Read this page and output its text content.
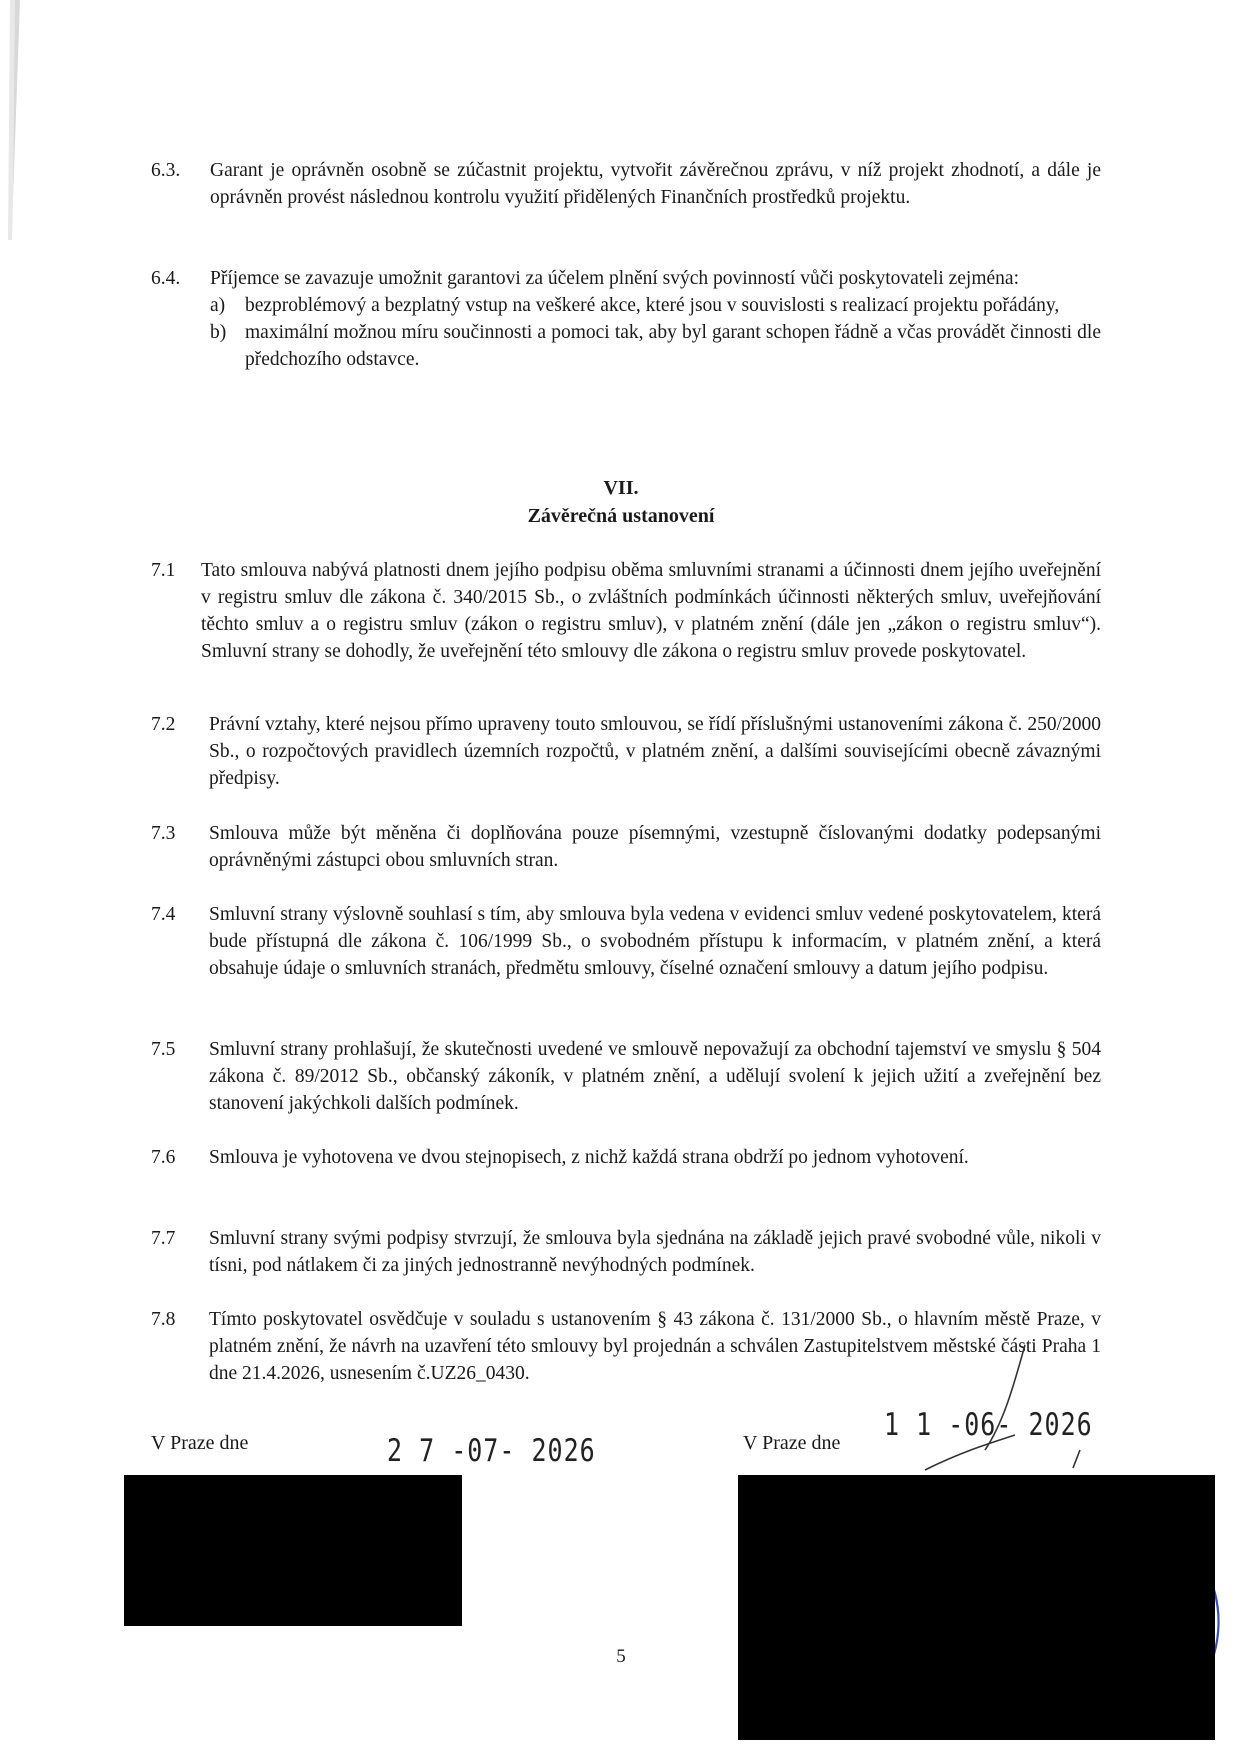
6.3. Garant je oprávněn osobně se zúčastnit projektu, vytvořit závěrečnou zprávu, v níž projekt zhodnotí, a dále je oprávněn provést následnou kontrolu využití přidělených Finančních prostředků projektu.

6.4. Příjemce se zavazuje umožnit garantovi za účelem plnění svých povinností vůči poskytovateli zejména:

a) bezproblémový a bezplatný vstup na veškeré akce, které jsou v souvislosti s realizací projektu pořádány,

b) maximální možnou míru součinnosti a pomoci tak, aby byl garant schopen řádně a včas provádět činnosti dle předchozího odstavce.

VII.
Závěrečná ustanovení
7.1 Tato smlouva nabývá platnosti dnem jejího podpisu oběma smluvními stranami a účinnosti dnem jejího uveřejnění v registru smluv dle zákona č. 340/2015 Sb., o zvláštních podmínkách účinnosti některých smluv, uveřejňování těchto smluv a o registru smluv (zákon o registru smluv), v platném znění (dále jen „zákon o registru smluv“). Smluvní strany se dohodly, že uveřejnění této smlouvy dle zákona o registru smluv provede poskytovatel.

7.2 Právní vztahy, které nejsou přímo upraveny touto smlouvou, se řídí příslušnými ustanoveními zákona č. 250/2000 Sb., o rozpočtových pravidlech územních rozpočtů, v platném znění, a dalšími souvisejícími obecně závaznými předpisy.

7.3 Smlouva může být měněna či doplňována pouze písemnými, vzestupně číslovanými dodatky podepsanými oprávněnými zástupci obou smluvních stran.

7.4 Smluvní strany výslovně souhlasí s tím, aby smlouva byla vedena v evidenci smluv vedené poskytovatelem, která bude přístupná dle zákona č. 106/1999 Sb., o svobodném přístupu k informacím, v platném znění, a která obsahuje údaje o smluvních stranách, předmětu smlouvy, číselné označení smlouvy a datum jejího podpisu.

7.5 Smluvní strany prohlašují, že skutečnosti uvedené ve smlouvě nepovažují za obchodní tajemství ve smyslu § 504 zákona č. 89/2012 Sb., občanský zákoník, v platném znění, a udělují svolení k jejich užití a zveřejnění bez stanovení jakýchkoli dalších podmínek.

7.6 Smlouva je vyhotovena ve dvou stejnopisech, z nichž každá strana obdrží po jednom vyhotovení.

7.7 Smluvní strany svými podpisy stvrzují, že smlouva byla sjednána na základě jejich pravé svobodné vůle, nikoli v tísni, pod nátlakem či za jiných jednostranně nevýhodných podmínek.

7.8 Tímto poskytovatel osvědčuje v souladu s ustanovením § 43 zákona č. 131/2000 Sb., o hlavním městě Praze, v platném znění, že návrh na uzavření této smlouvy byl projednán a schválen Zastupitelstvem městské části Praha 1 dne 21.4.2026, usnesením č.UZ26_0430.

V Praze dne	2 7 -07- 2026	V Praze dne
1 1 -06- 2026
5
